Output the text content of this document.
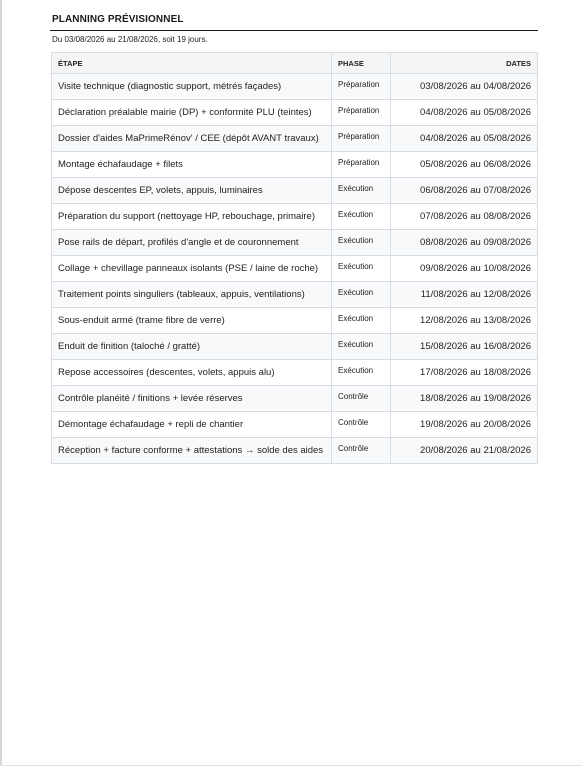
PLANNING PRÉVISIONNEL
Du 03/08/2026 au 21/08/2026, soit 19 jours.
ÉTAPE	PHASE	DATES
Visite technique (diagnostic support, métrés façades)	Préparation	03/08/2026 au 04/08/2026
Déclaration préalable mairie (DP) + conformité PLU (teintes)	Préparation	04/08/2026 au 05/08/2026
Dossier d'aides MaPrimeRénov' / CEE (dépôt AVANT travaux)	Préparation	04/08/2026 au 05/08/2026
Montage échafaudage + filets	Préparation	05/08/2026 au 06/08/2026
Dépose descentes EP, volets, appuis, luminaires	Exécution	06/08/2026 au 07/08/2026
Préparation du support (nettoyage HP, rebouchage, primaire)	Exécution	07/08/2026 au 08/08/2026
Pose rails de départ, profilés d'angle et de couronnement	Exécution	08/08/2026 au 09/08/2026
Collage + chevillage panneaux isolants (PSE / laine de roche)	Exécution	09/08/2026 au 10/08/2026
Traitement points singuliers (tableaux, appuis, ventilations)	Exécution	11/08/2026 au 12/08/2026
Sous-enduit armé (trame fibre de verre)	Exécution	12/08/2026 au 13/08/2026
Enduit de finition (taloché / gratté)	Exécution	15/08/2026 au 16/08/2026
Repose accessoires (descentes, volets, appuis alu)	Exécution	17/08/2026 au 18/08/2026
Contrôle planéité / finitions + levée réserves	Contrôle	18/08/2026 au 19/08/2026
Démontage échafaudage + repli de chantier	Contrôle	19/08/2026 au 20/08/2026
Réception + facture conforme + attestations → solde des aides	Contrôle	20/08/2026 au 21/08/2026
